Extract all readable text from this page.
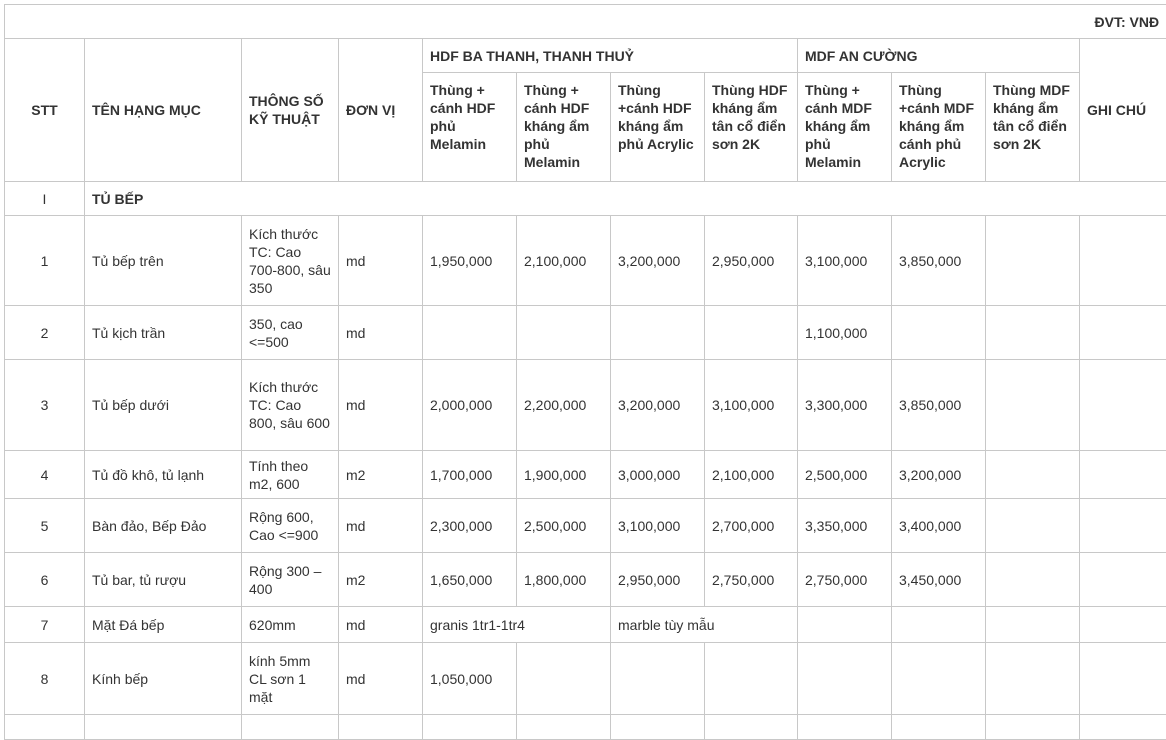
ĐVT: VNĐ											
STT	TÊN HẠNG MỤC	THÔNG SỐ KỸ THUẬT	ĐƠN VỊ	HDF BA THANH, THANH THUỶ				MDF AN CƯỜNG			GHI CHÚ
				Thùng + cánh HDF phủ Melamin	Thùng + cánh HDF kháng ẩm phủ Melamin	Thùng +cánh HDF kháng ẩm phủ Acrylic	Thùng HDF kháng ẩm tân cổ điển sơn 2K	Thùng + cánh MDF kháng ẩm phủ Melamin	Thùng +cánh MDF kháng ẩm cánh phủ Acrylic	Thùng MDF kháng ẩm tân cổ điển sơn 2K	
I	TỦ BẾP										
1	Tủ bếp trên	Kích thước TC: Cao 700-800, sâu 350	md	1,950,000	2,100,000	3,200,000	2,950,000	3,100,000	3,850,000		
2	Tủ kịch trần	350, cao <=500	md					1,100,000			
3	Tủ bếp dưới	Kích thước TC: Cao 800, sâu 600	md	2,000,000	2,200,000	3,200,000	3,100,000	3,300,000	3,850,000		
4	Tủ đồ khô, tủ lạnh	Tính theo m2, 600	m2	1,700,000	1,900,000	3,000,000	2,100,000	2,500,000	3,200,000		
5	Bàn đảo, Bếp Đảo	Rộng 600, Cao <=900	md	2,300,000	2,500,000	3,100,000	2,700,000	3,350,000	3,400,000		
6	Tủ bar, tủ rượu	Rộng 300 – 400	m2	1,650,000	1,800,000	2,950,000	2,750,000	2,750,000	3,450,000		
7	Mặt Đá bếp	620mm	md	granis 1tr1-1tr4		marble tùy mẫu					
8	Kính bếp	kính 5mm CL sơn 1 mặt	md	1,050,000							
